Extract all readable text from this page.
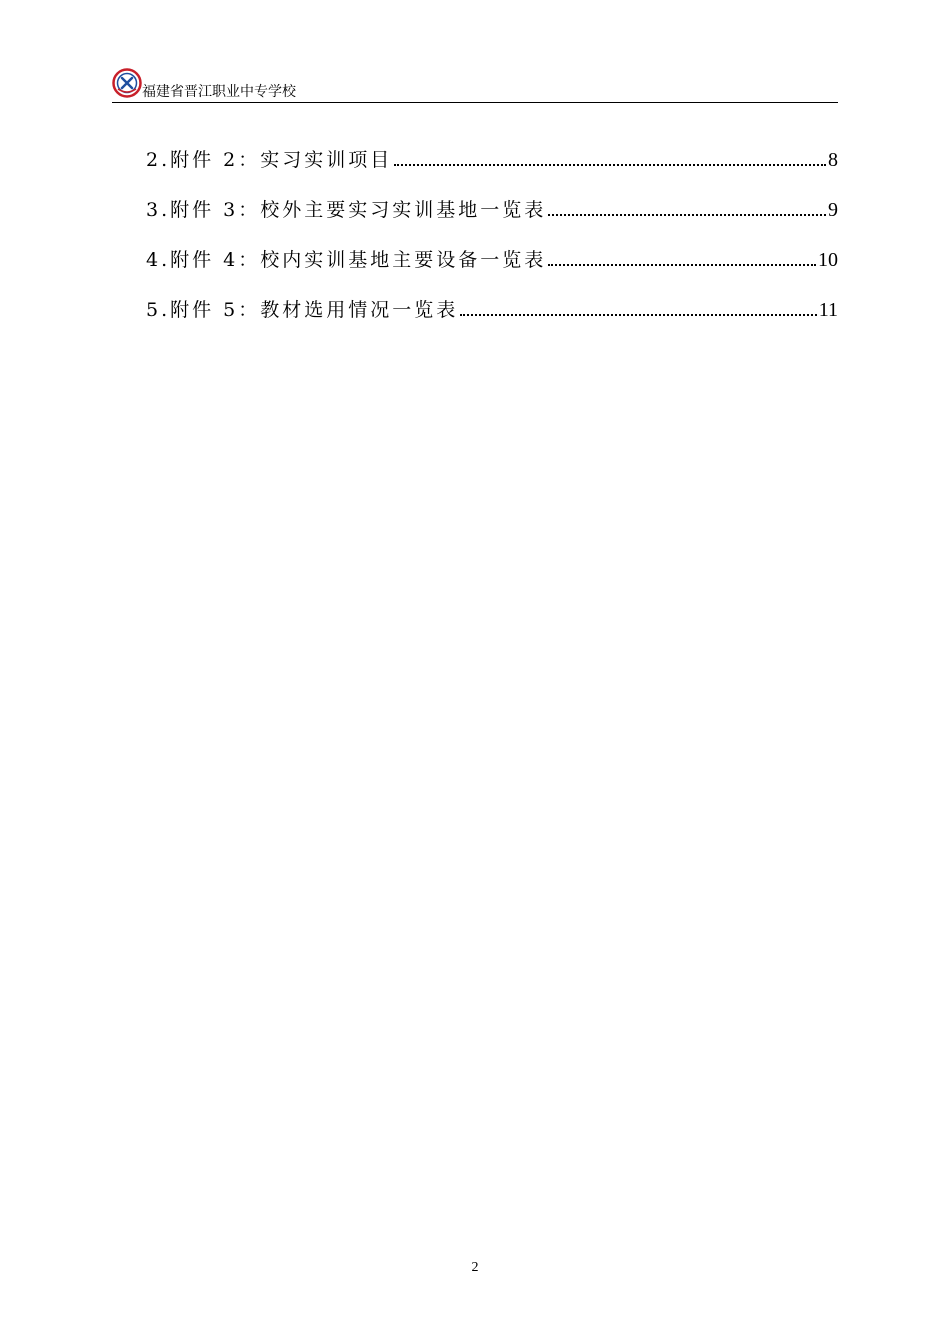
福建省晋江职业中专学校
2.附件 2：实习实训项目	8
3.附件 3：校外主要实习实训基地一览表	9
4.附件 4：校内实训基地主要设备一览表	10
5.附件 5：教材选用情况一览表	11
2
